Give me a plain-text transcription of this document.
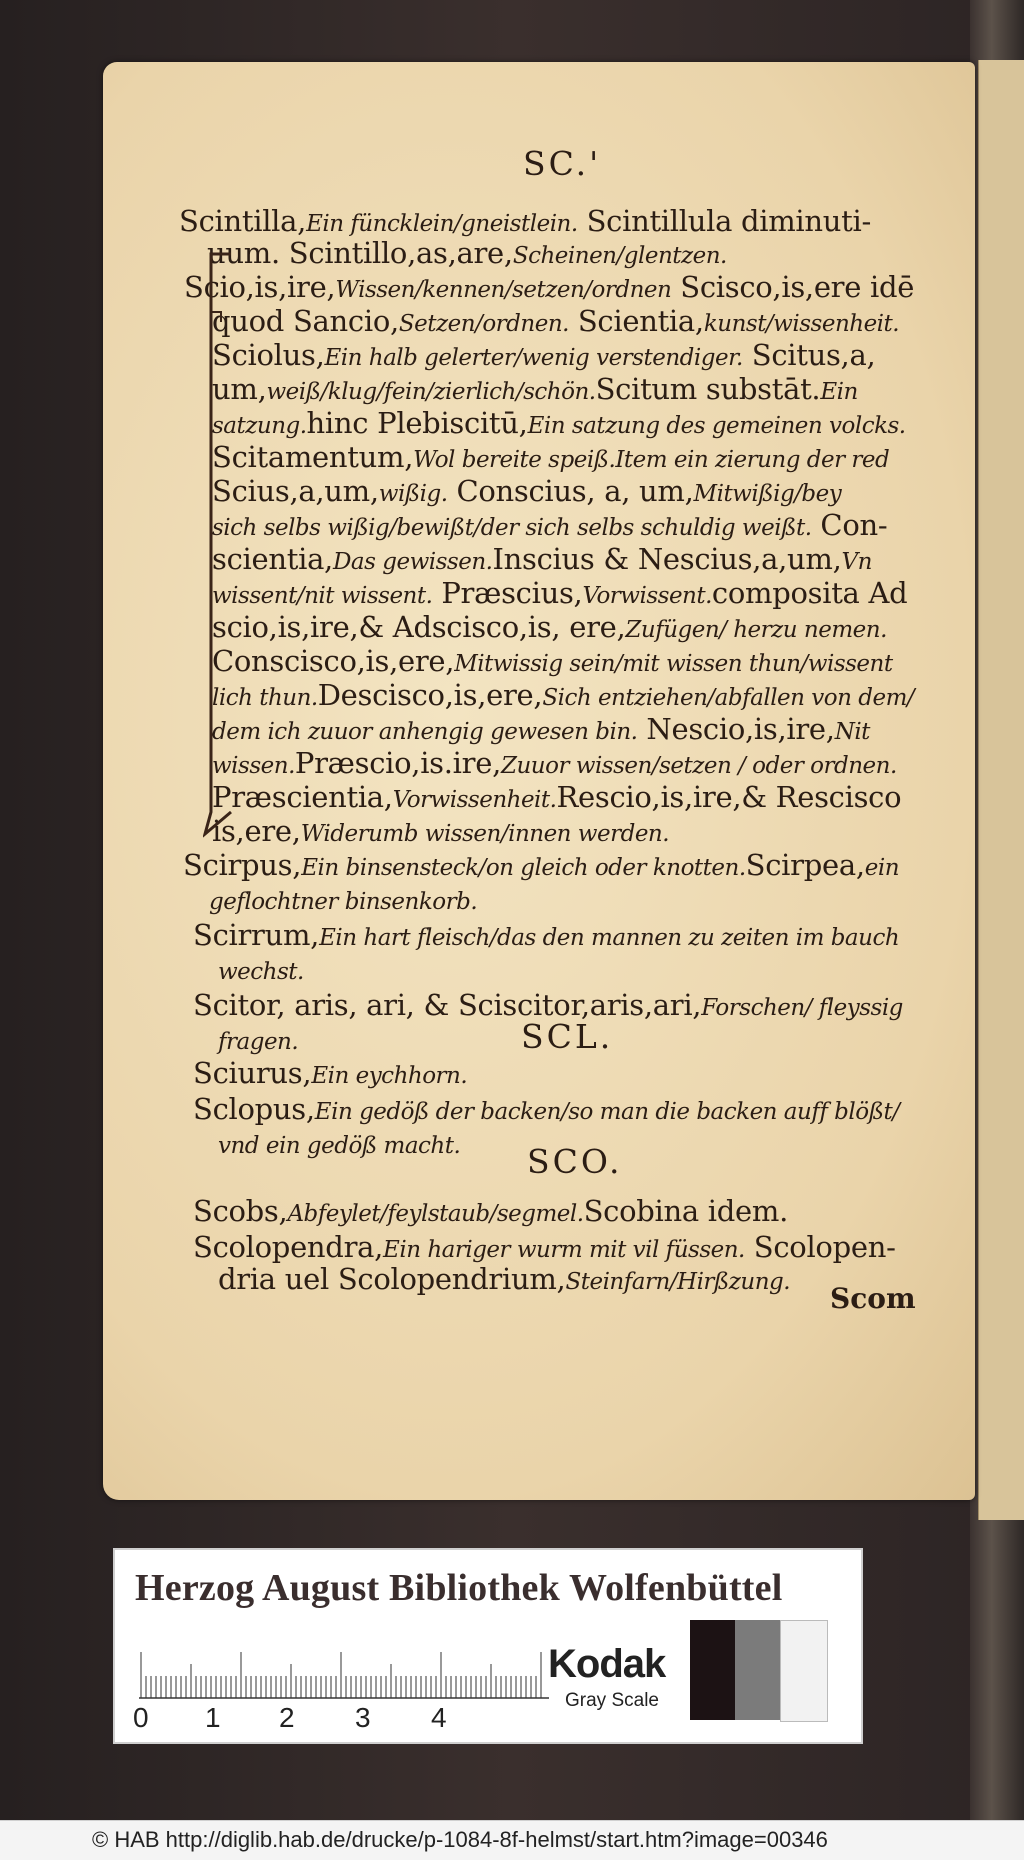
SC.'
SCL.
SCO.
Scom
Scintilla,Ein füncklein/gneistlein. Scintillula diminuti-
uum. Scintillo,as,are,Scheinen/glentzen.
Scio,is,ire,Wissen/kennen/setzen/ordnen Scisco,is,ere idē
quod Sancio,Setzen/ordnen. Scientia,kunst/wissenheit.
Sciolus,Ein halb gelerter/wenig verstendiger. Scitus,a,
um,weiß/klug/fein/zierlich/schön.Scitum substāt.Ein
satzung.hinc Plebiscitū,Ein satzung des gemeinen volcks.
Scitamentum,Wol bereite speiß.Item ein zierung der red
Scius,a,um,wißig. Conscius, a, um,Mitwißig/bey
sich selbs wißig/bewißt/der sich selbs schuldig weißt. Con-
scientia,Das gewissen.Inscius & Nescius,a,um,Vn
wissent/nit wissent. Præscius,Vorwissent.composita Ad
scio,is,ire,& Adscisco,is, ere,Zufügen/ herzu nemen.
Conscisco,is,ere,Mitwissig sein/mit wissen thun/wissent
lich thun.Descisco,is,ere,Sich entziehen/abfallen von dem/
dem ich zuuor anhengig gewesen bin. Nescio,is,ire,Nit
wissen.Præscio,is.ire,Zuuor wissen/setzen / oder ordnen.
Præscientia,Vorwissenheit.Rescio,is,ire,& Rescisco
is,ere,Widerumb wissen/innen werden.
Scirpus,Ein binsensteck/on gleich oder knotten.Scirpea,ein
geflochtner binsenkorb.
Scirrum,Ein hart fleisch/das den mannen zu zeiten im bauch
wechst.
Scitor, aris, ari, & Sciscitor,aris,ari,Forschen/ fleyssig
fragen.
Sciurus,Ein eychhorn.
Sclopus,Ein gedöß der backen/so man die backen auff blößt/
vnd ein gedöß macht.
Scobs,Abfeylet/feylstaub/segmel.Scobina idem.
Scolopendra,Ein hariger wurm mit vil füssen. Scolopen-
dria uel Scolopendrium,Steinfarn/Hirßzung.
Herzog August Bibliothek Wolfenbüttel
0 1 2 3 4
Kodak
Gray Scale
© HAB http://diglib.hab.de/drucke/p-1084-8f-helmst/start.htm?image=00346
